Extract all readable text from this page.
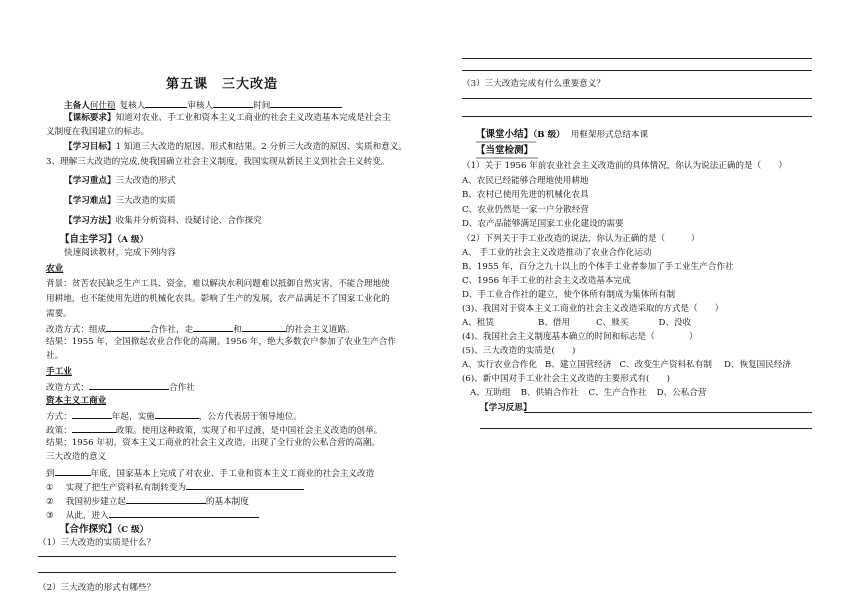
第五课　三大改造
主备人何仕稳 复核人	审核人	时间
【课标要求】知道对农业、手工业和资本主义工商业的社会主义改造基本完成是社会主
义制度在我国建立的标志。
【学习目标】1 知道三大改造的原因、形式和结果。2 分析三大改造的原因、实质和意义。
3、理解三大改造的完成,使我国确立社会主义制度，我国实现从新民主义到社会主义转变。
【学习重点】三大改造的形式
【学习难点】三大改造的实质
【学习方法】收集并分析资料、设疑讨论、合作探究
【自主学习】（A 级）
快速阅读教材，完成下列内容
农业
背景：贫苦农民缺乏生产工具、资金，难以解决水利问题难以抵御自然灾害，不能合理地使
用耕地，也不能使用先进的机械化农具。影响了生产的发展，农产品满足不了国家工业化的
需要。
改造方式：组成	合作社，走	和	的社会主义道路。
结果：1955 年，全国掀起农业合作化的高潮。1956 年，绝大多数农户参加了农业生产合作
社。
手工业
改造方式：	合作社
资本主义工商业
方式：	年起，实施	，公方代表居于领导地位。
政策：	政策。使用这种政策，实现了和平过渡，是中国社会主义改造的创举。
结果：1956 年初，资本主义工商业的社会主义改造，出现了全行业的公私合营的高潮。
三大改造的意义
到	年底，国家基本上完成了对农业、手工业和资本主义工商业的社会主义改造
① 实现了把生产资料私有制转变为
② 我国初步建立起	的基本制度
③ 从此，进入
【合作探究】（C 级）
（1）三大改造的实质是什么？
（2）三大改造的形式有哪些？
（3）三大改造完成有什么重要意义？
【课堂小结】（B 级） 用框架形式总结本课
【当堂检测】
（1）关于 1956 年前农业社会主义改造前的具体情况，你认为说法正确的是（　　）
A、农民已经能够合理地使用耕地
B、农村已使用先进的机械化农具
C、农业仍然是一家一户分散经营
D、农产品能够满足国家工业化建设的需要
（2）下列关于手工业改造的说法，你认为正确的是（　　　）
A、 手工业的社会主义改造推动了农业合作化运动
B、1955 年，百分之九十以上的个体手工业者参加了手工业生产合作社
C、1956 年手工业的社会主义改造基本完成
D、手工业合作社的建立，使个体所有制成为集体所有制
(3)、我国对于资本主义工商业的社会主义改造采取的方式是（　　）
A、租赁	B、借用	C、赎买	D、没收
(4)、我国社会主义制度基本确立的时间和标志是（　　　　）
(5)、三大改造的实质是(　　)
A、实行农业合作化 B、建立国营经济 C、改变生产资料私有制 D、恢复国民经济
(6)、新中国对手工业社会主义改造的主要形式有(　　)
A、互助组 B、供销合作社 C、生产合作社 D、公私合营
【学习反思】
